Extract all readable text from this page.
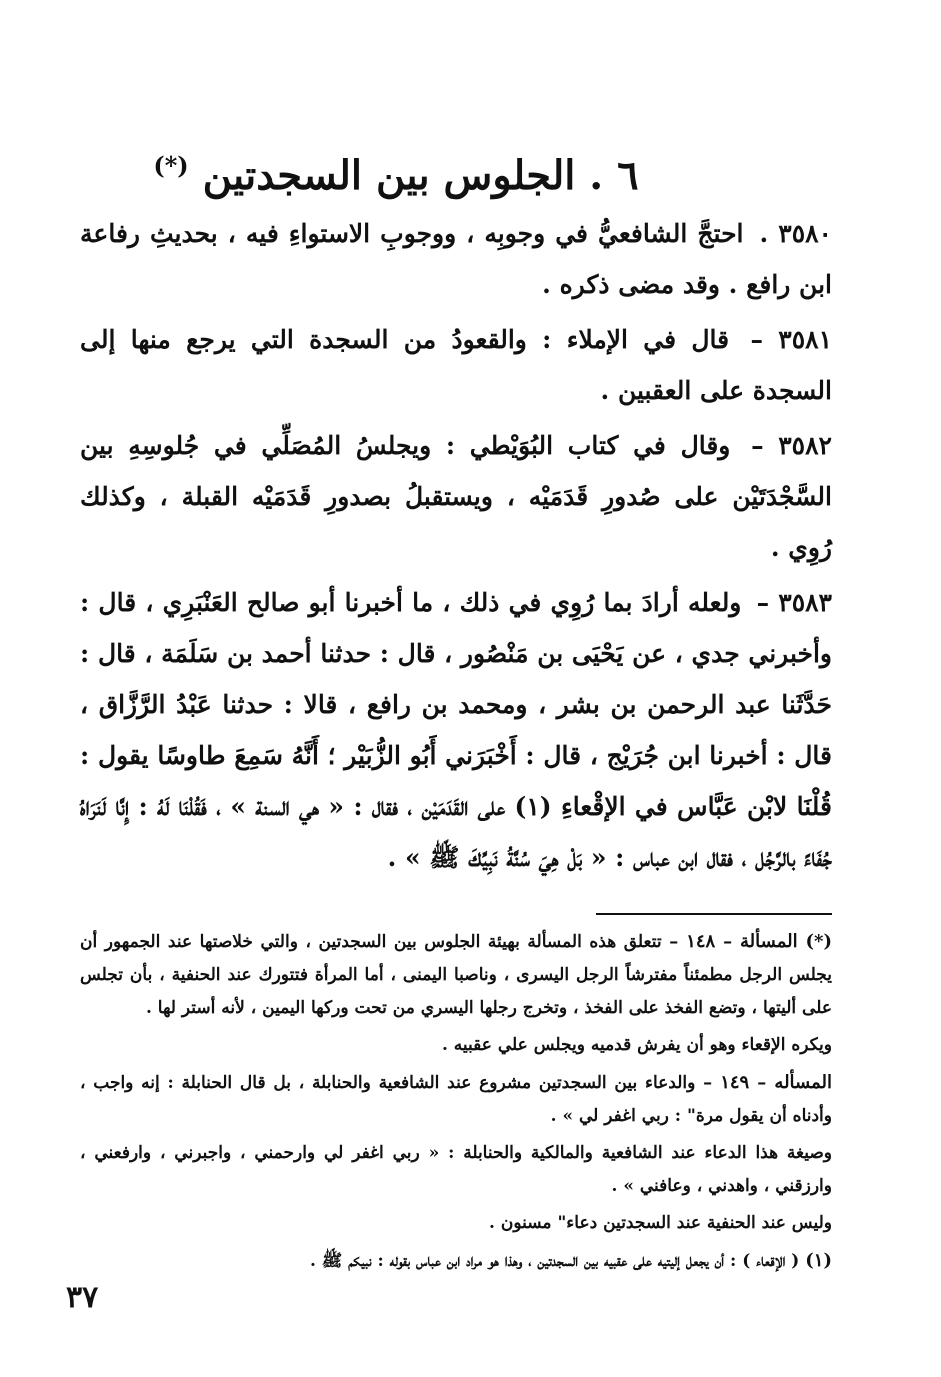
٦ . الجلوس بين السجدتين (*)

٣٥٨٠ . احتجَّ الشافعيُّ في وجوبِه ، ووجوبِ الاستواءِ فيه ، بحديثِ رفاعة ابن رافع . وقد مضى ذكره .

٣٥٨١ – قال في الإملاء : والقعودُ من السجدة التي يرجع منها إلى السجدة على العقبين .

٣٥٨٢ – وقال في كتاب البُوَيْطي : ويجلسُ المُصَلِّي في جُلوسِهِ بين السَّجْدَتَيْن على صُدورِ قَدَمَيْه ، ويستقبلُ بصدورِ قَدَمَيْه القبلة ، وكذلك رُوِي .

٣٥٨٣ – ولعله أرادَ بما رُوِي في ذلك ، ما أخبرنا أبو صالح العَنْبَرِي ، قال : وأخبرني جدي ، عن يَحْيَى بن مَنْصُور ، قال : حدثنا أحمد بن سَلَمَة ، قال : حَدَّثَنا عبد الرحمن بن بشر ، ومحمد بن رافع ، قالا : حدثنا عَبْدُ الرَّزَّاق ، قال : أخبرنا ابن جُرَيْج ، قال : أَخْبَرَني أَبُو الزُّبَيْر ؛ أَنَّهُ سَمِعَ طاوسًا يقول : قُلْنَا لابْن عَبَّاس في الإقْعاءِ (١) على القَدَمَيْن ، فقال : « هي السنة » ، فَقُلْنَا لَهُ : إِنَّا لَنَرَاهُ جُفَاءً بالرَّجُل ، فقال ابن عباس : « بَلْ هِيَ سُنَّةُ نَبِيِّكَ ﷺ » .

(*) المسألة – ١٤٨ – تتعلق هذه المسألة بهيئة الجلوس بين السجدتين ، والتي خلاصتها عند الجمهور أن يجلس الرجل مطمئناً مفترشاً الرجل اليسرى ، وناصبا اليمنى ، أما المرأة فتتورك عند الحنفية ، بأن تجلس على أليتها ، وتضع الفخذ على الفخذ ، وتخرج رجلها اليسري من تحت وركها اليمين ، لأنه أستر لها .

ويكره الإقعاء وهو أن يفرش قدميه ويجلس علي عقبيه .

المسأله – ١٤٩ – والدعاء بين السجدتين مشروع عند الشافعية والحنابلة ، بل قال الحنابلة : إنه واجب ، وأدناه أن يقول مرة" : ربي اغفر لي » .

وصيغة هذا الدعاء عند الشافعية والمالكية والحنابلة : « ربي اغفر لي وارحمني ، واجبرني ، وارفعني ، وارزقني ، واهدني ، وعافني » .

وليس عند الحنفية عند السجدتين دعاء" مسنون .

(١) ( الإقعاء ) : أن يجعل إليتيه على عقبيه بين السجدتين ، وهذا هو مراد ابن عباس بقوله : نبيكم ﷺ .

٣٧
